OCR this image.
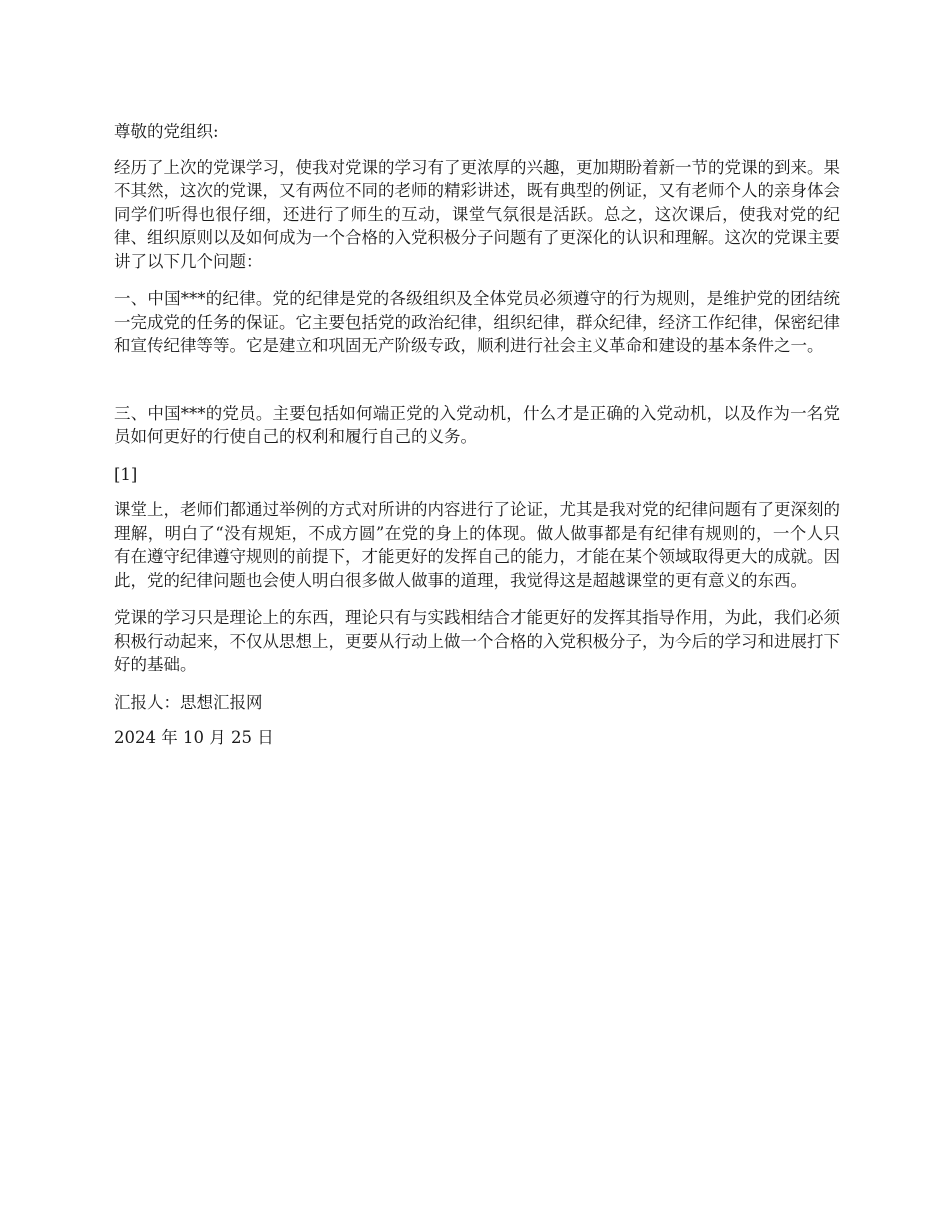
尊敬的党组织:

经历了上次的党课学习，使我对党课的学习有了更浓厚的兴趣，更加期盼着新一节的党课的到来。果不其然，这次的党课，又有两位不同的老师的精彩讲述，既有典型的例证，又有老师个人的亲身体会同学们听得也很仔细，还进行了师生的互动，课堂气氛很是活跃。总之，这次课后，使我对党的纪律、组织原则以及如何成为一个合格的入党积极分子问题有了更深化的认识和理解。这次的党课主要讲了以下几个问题：

一、中国***的纪律。党的纪律是党的各级组织及全体党员必须遵守的行为规则，是维护党的团结统一完成党的任务的保证。它主要包括党的政治纪律，组织纪律，群众纪律，经济工作纪律，保密纪律和宣传纪律等等。它是建立和巩固无产阶级专政，顺利进行社会主义革命和建设的基本条件之一。

三、中国***的党员。主要包括如何端正党的入党动机，什么才是正确的入党动机，以及作为一名党员如何更好的行使自己的权利和履行自己的义务。

[1]

课堂上，老师们都通过举例的方式对所讲的内容进行了论证，尤其是我对党的纪律问题有了更深刻的理解，明白了“没有规矩，不成方圆”在党的身上的体现。做人做事都是有纪律有规则的，一个人只有在遵守纪律遵守规则的前提下，才能更好的发挥自己的能力，才能在某个领域取得更大的成就。因此，党的纪律问题也会使人明白很多做人做事的道理，我觉得这是超越课堂的更有意义的东西。

党课的学习只是理论上的东西，理论只有与实践相结合才能更好的发挥其指导作用，为此，我们必须积极行动起来，不仅从思想上，更要从行动上做一个合格的入党积极分子，为今后的学习和进展打下好的基础。

汇报人：思想汇报网

2024 年 10 月 25 日
